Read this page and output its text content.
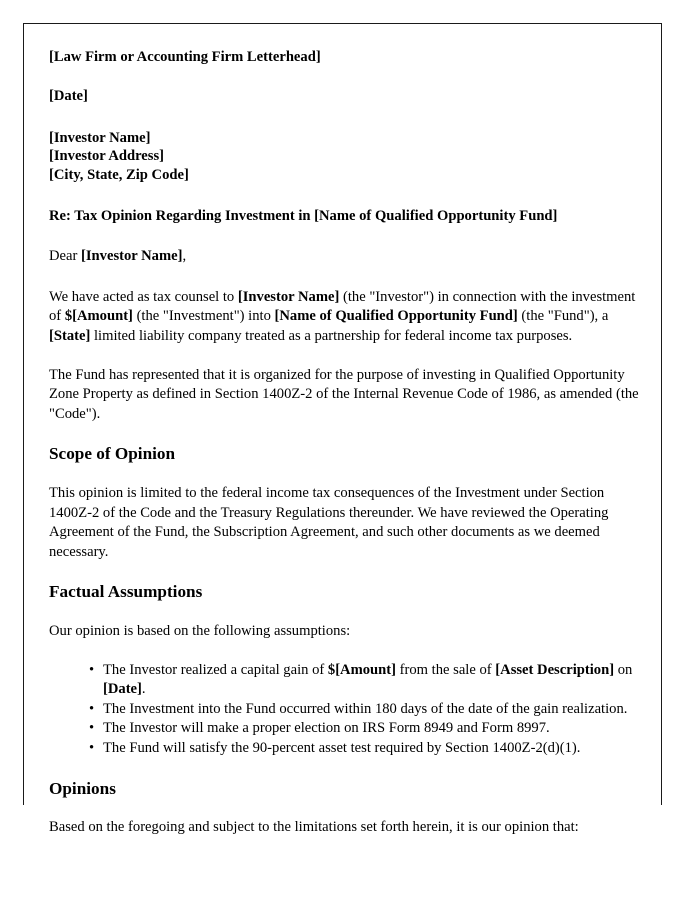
[Law Firm or Accounting Firm Letterhead]
[Date]
[Investor Name]
[Investor Address]
[City, State, Zip Code]
Re: Tax Opinion Regarding Investment in [Name of Qualified Opportunity Fund]
Dear [Investor Name],

We have acted as tax counsel to [Investor Name] (the "Investor") in connection with the investment of $[Amount] (the "Investment") into [Name of Qualified Opportunity Fund] (the "Fund"), a [State] limited liability company treated as a partnership for federal income tax purposes.

The Fund has represented that it is organized for the purpose of investing in Qualified Opportunity Zone Property as defined in Section 1400Z-2 of the Internal Revenue Code of 1986, as amended (the "Code").

Scope of Opinion

This opinion is limited to the federal income tax consequences of the Investment under Section 1400Z-2 of the Code and the Treasury Regulations thereunder. We have reviewed the Operating Agreement of the Fund, the Subscription Agreement, and such other documents as we deemed necessary.

Factual Assumptions

Our opinion is based on the following assumptions:

• The Investor realized a capital gain of $[Amount] from the sale of [Asset Description] on [Date].
• The Investment into the Fund occurred within 180 days of the date of the gain realization.
• The Investor will make a proper election on IRS Form 8949 and Form 8997.
• The Fund will satisfy the 90-percent asset test required by Section 1400Z-2(d)(1).
Opinions

Based on the foregoing and subject to the limitations set forth herein, it is our opinion that:
